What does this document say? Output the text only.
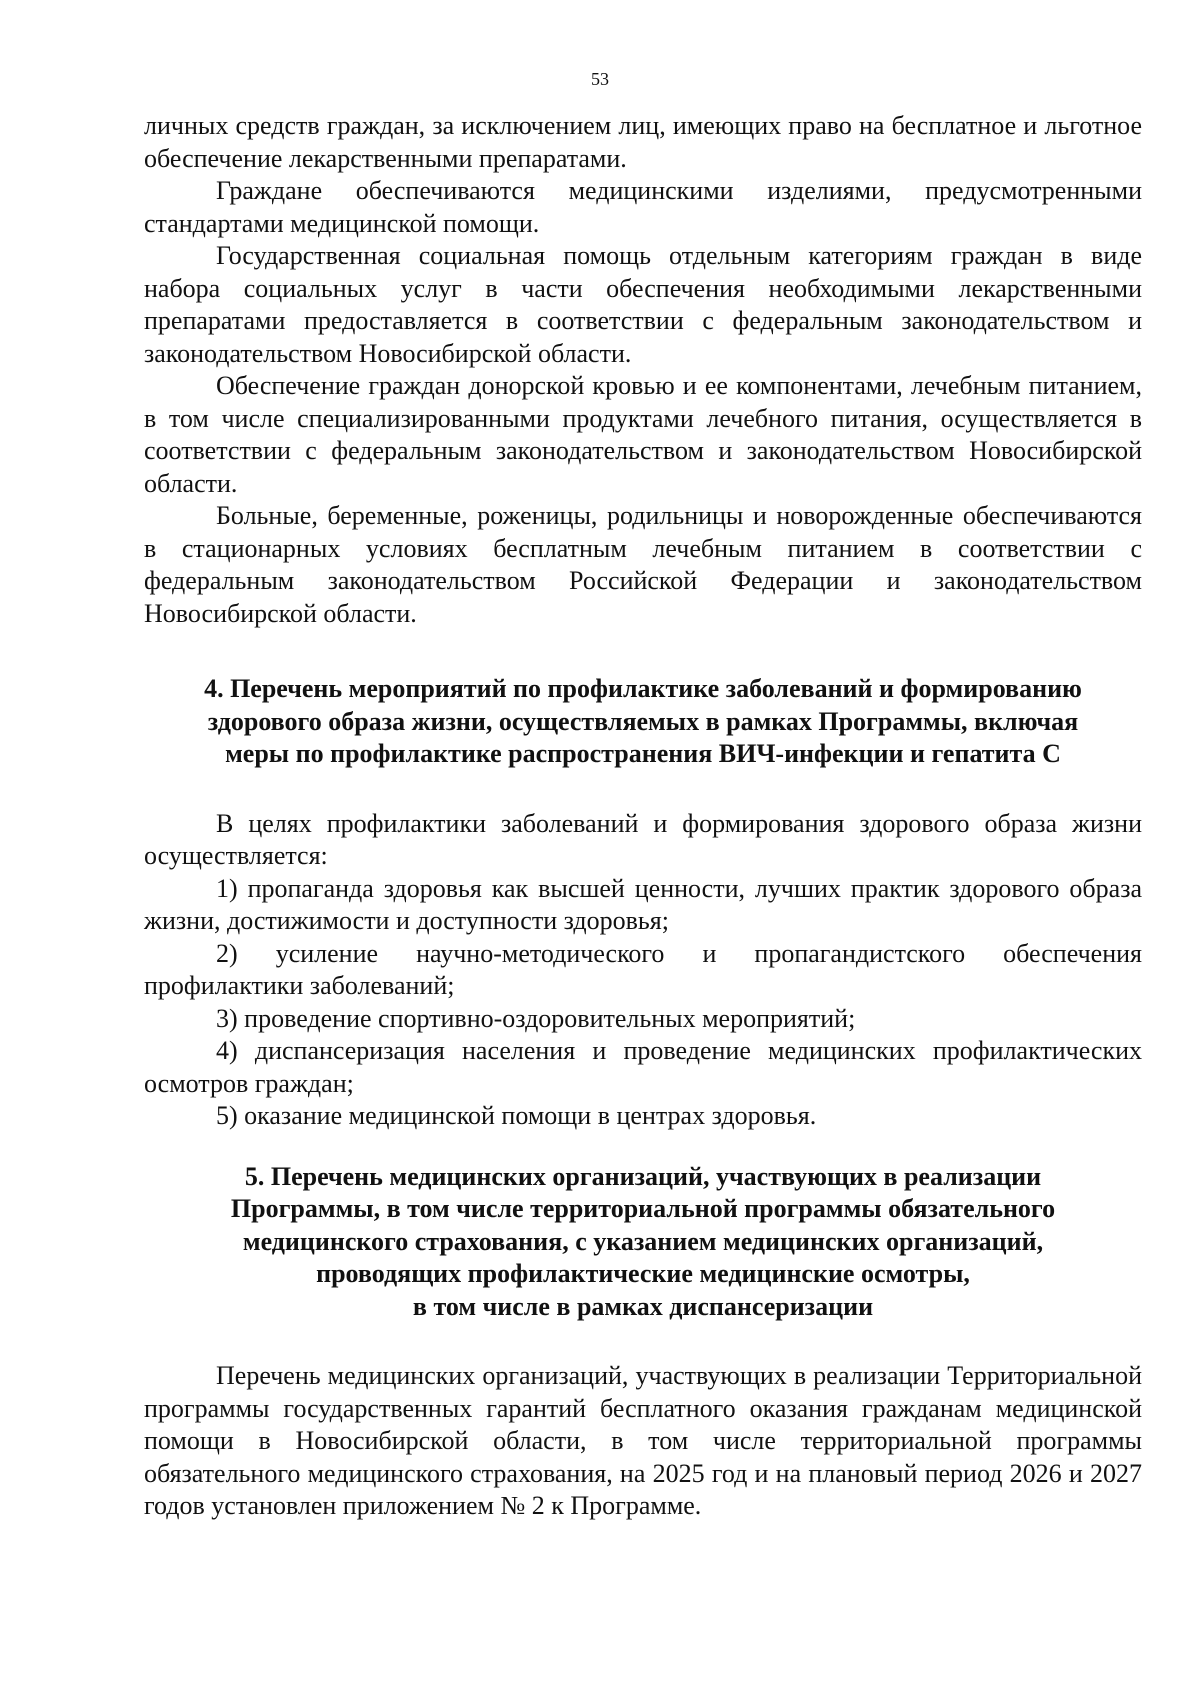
53

личных средств граждан, за исключением лиц, имеющих право на бесплатное и льготное обеспечение лекарственными препаратами.

Граждане обеспечиваются медицинскими изделиями, предусмотренными стандартами медицинской помощи.

Государственная социальная помощь отдельным категориям граждан в виде набора социальных услуг в части обеспечения необходимыми лекарственными препаратами предоставляется в соответствии с федеральным законодательством и законодательством Новосибирской области.

Обеспечение граждан донорской кровью и ее компонентами, лечебным питанием, в том числе специализированными продуктами лечебного питания, осуществляется в соответствии с федеральным законодательством и законодательством Новосибирской области.

Больные, беременные, роженицы, родильницы и новорожденные обеспечиваются в стационарных условиях бесплатным лечебным питанием в соответствии с федеральным законодательством Российской Федерации и законодательством Новосибирской области.

4. Перечень мероприятий по профилактике заболеваний и формированию
здорового образа жизни, осуществляемых в рамках Программы, включая
меры по профилактике распространения ВИЧ-инфекции и гепатита С

В целях профилактики заболеваний и формирования здорового образа жизни осуществляется:

1) пропаганда здоровья как высшей ценности, лучших практик здорового образа жизни, достижимости и доступности здоровья;

2) усиление научно-методического и пропагандистского обеспечения профилактики заболеваний;

3) проведение спортивно-оздоровительных мероприятий;

4) диспансеризация населения и проведение медицинских профилактических осмотров граждан;

5) оказание медицинской помощи в центрах здоровья.

5. Перечень медицинских организаций, участвующих в реализации
Программы, в том числе территориальной программы обязательного
медицинского страхования, с указанием медицинских организаций,
проводящих профилактические медицинские осмотры,
в том числе в рамках диспансеризации

Перечень медицинских организаций, участвующих в реализации Территориальной программы государственных гарантий бесплатного оказания гражданам медицинской помощи в Новосибирской области, в том числе территориальной программы обязательного медицинского страхования, на 2025 год и на плановый период 2026 и 2027 годов установлен приложением № 2 к Программе.
